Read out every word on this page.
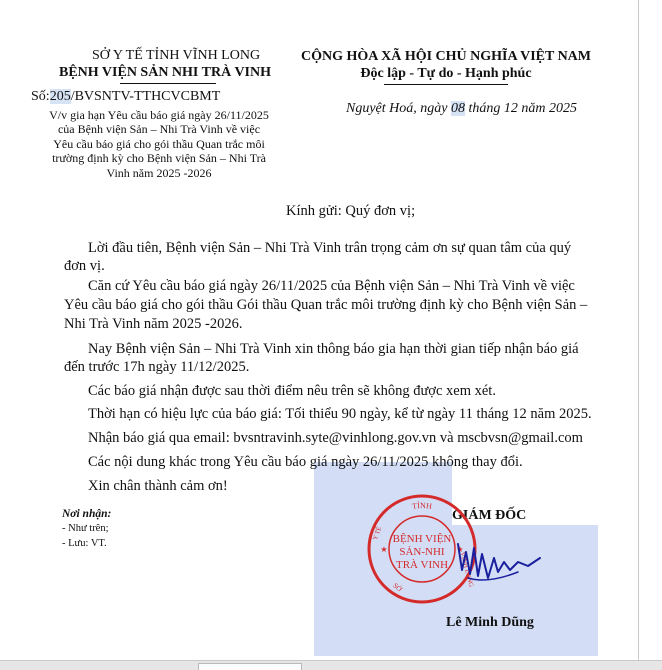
SỞ Y TẾ TỈNH VĨNH LONG
BỆNH VIỆN SẢN NHI TRÀ VINH
Số:205/BVSNTV-TTHCVCBMT
V/v gia hạn Yêu cầu báo giá ngày 26/11/2025
của Bệnh viện Sản – Nhi Trà Vinh về việc
Yêu cầu báo giá cho gói thầu Quan trắc môi
trường định kỳ cho Bệnh viện Sản – Nhi Trà
Vinh năm 2025 -2026
CỘNG HÒA XÃ HỘI CHỦ NGHĨA VIỆT NAM
Độc lập - Tự do - Hạnh phúc
Nguyệt Hoá, ngày 08 tháng 12 năm 2025
Kính gửi: Quý đơn vị;
Lời đầu tiên, Bệnh viện Sản – Nhi Trà Vinh trân trọng cảm ơn sự quan tâm của quý
đơn vị.
Căn cứ Yêu cầu báo giá ngày 26/11/2025 của Bệnh viện Sản – Nhi Trà Vinh về việc
Yêu cầu báo giá cho gói thầu Gói thầu Quan trắc môi trường định kỳ cho Bệnh viện Sản –
Nhi Trà Vinh năm 2025 -2026.
Nay Bệnh viện Sản – Nhi Trà Vinh xin thông báo gia hạn thời gian tiếp nhận báo giá
đến trước 17h ngày 11/12/2025.
Các báo giá nhận được sau thời điểm nêu trên sẽ không được xem xét.
Thời hạn có hiệu lực của báo giá: Tối thiểu 90 ngày, kể từ ngày 11 tháng 12 năm 2025.
Nhận báo giá qua email: bvsntravinh.syte@vinhlong.gov.vn và mscbvsn@gmail.com
Các nội dung khác trong Yêu cầu báo giá ngày 26/11/2025 không thay đổi.
Xin chân thành cảm ơn!
Nơi nhận:
- Như trên;
- Lưu: VT.
GIÁM ĐỐC
★	★
TỈNH
Y TẾ
VĨNH LONG
SỞ
BỆNH VIỆN
SẢN-NHI
TRÀ VINH
Lê Minh Dũng
